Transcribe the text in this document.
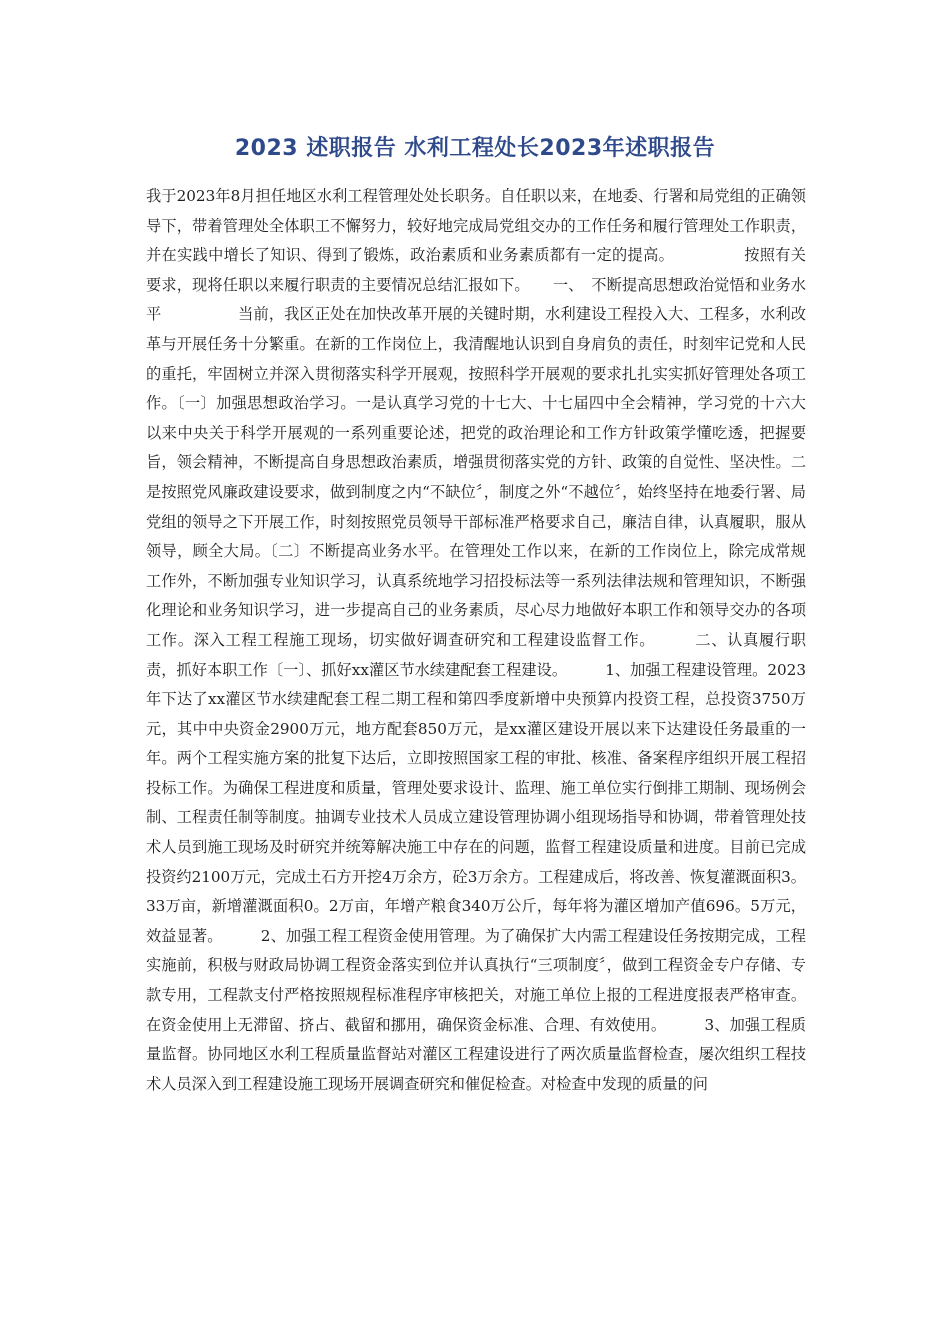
2023 述职报告 水利工程处长2023年述职报告

我于2023年8月担任地区水利工程管理处处长职务。自任职以来，在地委、行署和局党组的正确领导下，带着管理处全体职工不懈努力，较好地完成局党组交办的工作任务和履行管理处工作职责，并在实践中增长了知识、得到了锻炼，政治素质和业务素质都有一定的提高。　　　　　按照有关要求，现将任职以来履行职责的主要情况总结汇报如下。　　一、　不断提高思想政治觉悟和业务水平　　　　　当前，我区正处在加快改革开展的关键时期，水利建设工程投入大、工程多，水利改革与开展任务十分繁重。在新的工作岗位上，我清醒地认识到自身肩负的责任，时刻牢记党和人民的重托，牢固树立并深入贯彻落实科学开展观，按照科学开展观的要求扎扎实实抓好管理处各项工作。〔一〕加强思想政治学习。一是认真学习党的十七大、十七届四中全会精神，学习党的十六大以来中央关于科学开展观的一系列重要论述，把党的政治理论和工作方针政策学懂吃透，把握要旨，领会精神，不断提高自身思想政治素质，增强贯彻落实党的方针、政策的自觉性、坚决性。二是按照党风廉政建设要求，做到制度之内“不缺位〞，制度之外“不越位〞，始终坚持在地委行署、局党组的领导之下开展工作，时刻按照党员领导干部标准严格要求自己，廉洁自律，认真履职，服从领导，顾全大局。〔二〕不断提高业务水平。在管理处工作以来，在新的工作岗位上，除完成常规工作外，不断加强专业知识学习，认真系统地学习招投标法等一系列法律法规和管理知识，不断强化理论和业务知识学习，进一步提高自己的业务素质，尽心尽力地做好本职工作和领导交办的各项工作。深入工程工程施工现场，切实做好调查研究和工程建设监督工作。　　　二、认真履行职责，抓好本职工作〔一〕、抓好xx灌区节水续建配套工程建设。　　　1、加强工程建设管理。2023年下达了xx灌区节水续建配套工程二期工程和第四季度新增中央预算内投资工程，总投资3750万元，其中中央资金2900万元，地方配套850万元，是xx灌区建设开展以来下达建设任务最重的一年。两个工程实施方案的批复下达后，立即按照国家工程的审批、核准、备案程序组织开展工程招投标工作。为确保工程进度和质量，管理处要求设计、监理、施工单位实行倒排工期制、现场例会制、工程责任制等制度。抽调专业技术人员成立建设管理协调小组现场指导和协调，带着管理处技术人员到施工现场及时研究并统筹解决施工中存在的问题，监督工程建设质量和进度。目前已完成投资约2100万元，完成土石方开挖4万余方，砼3万余方。工程建成后，将改善、恢复灌溉面积3。33万亩，新增灌溉面积0。2万亩，年增产粮食340万公斤，每年将为灌区增加产值696。5万元，效益显著。　　　2、加强工程工程资金使用管理。为了确保扩大内需工程建设任务按期完成，工程实施前，积极与财政局协调工程资金落实到位并认真执行“三项制度〞，做到工程资金专户存储、专款专用，工程款支付严格按照规程标准程序审核把关，对施工单位上报的工程进度报表严格审查。在资金使用上无滞留、挤占、截留和挪用，确保资金标准、合理、有效使用。　　　3、加强工程质量监督。协同地区水利工程质量监督站对灌区工程建设进行了两次质量监督检查，屡次组织工程技术人员深入到工程建设施工现场开展调查研究和催促检查。对检查中发现的质量的问
